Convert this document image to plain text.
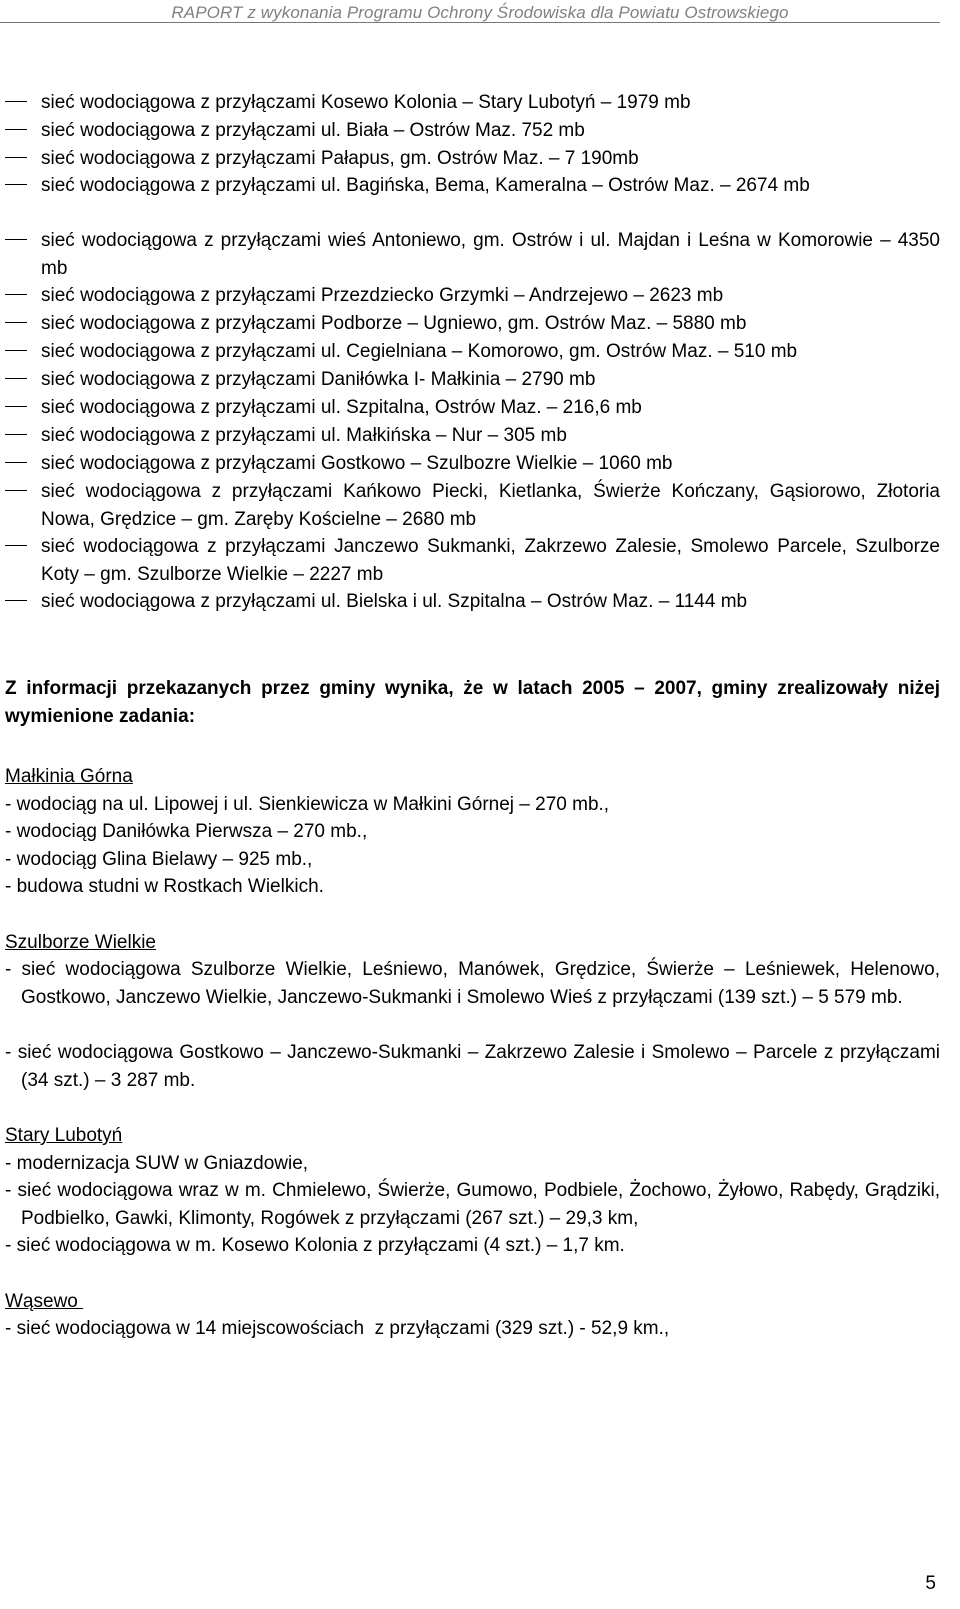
RAPORT z wykonania Programu Ochrony Środowiska dla Powiatu Ostrowskiego
sieć wodociągowa z przyłączami Kosewo Kolonia – Stary Lubotyń – 1979 mb
sieć wodociągowa z przyłączami ul. Biała – Ostrów Maz. 752 mb
sieć wodociągowa z przyłączami Pałapus, gm. Ostrów Maz. – 7 190mb
sieć wodociągowa z przyłączami ul. Bagińska, Bema, Kameralna – Ostrów Maz. – 2674 mb
sieć wodociągowa z przyłączami wieś Antoniewo, gm. Ostrów i ul. Majdan i Leśna w Komorowie – 4350 mb
sieć wodociągowa z przyłączami Przezdziecko Grzymki – Andrzejewo – 2623 mb
sieć wodociągowa z przyłączami Podborze – Ugniewo, gm. Ostrów Maz. – 5880 mb
sieć wodociągowa z przyłączami ul. Cegielniana – Komorowo, gm. Ostrów Maz. – 510 mb
sieć wodociągowa z przyłączami Daniłówka I- Małkinia – 2790 mb
sieć wodociągowa z przyłączami ul. Szpitalna, Ostrów Maz. – 216,6 mb
sieć wodociągowa z przyłączami ul. Małkińska – Nur – 305 mb
sieć wodociągowa z przyłączami Gostkowo – Szulbozre Wielkie – 1060 mb
sieć wodociągowa z przyłączami Kańkowo Piecki, Kietlanka, Świerże Kończany, Gąsiorowo, Złotoria Nowa, Grędzice – gm. Zaręby Kościelne – 2680 mb
sieć wodociągowa z przyłączami Janczewo Sukmanki, Zakrzewo Zalesie, Smolewo Parcele, Szulborze Koty – gm. Szulborze Wielkie – 2227 mb
sieć wodociągowa z przyłączami ul. Bielska i ul. Szpitalna – Ostrów Maz. – 1144 mb
Z informacji przekazanych przez gminy wynika, że w latach 2005 – 2007, gminy zrealizowały niżej wymienione zadania:
Małkinia Górna
- wodociąg na ul. Lipowej i ul. Sienkiewicza w Małkini Górnej – 270 mb.,
- wodociąg Daniłówka Pierwsza – 270 mb.,
- wodociąg Glina Bielawy – 925 mb.,
- budowa studni w Rostkach Wielkich.
Szulborze Wielkie
- sieć wodociągowa Szulborze Wielkie, Leśniewo, Manówek, Grędzice, Świerże – Leśniewek, Helenowo, Gostkowo, Janczewo Wielkie, Janczewo-Sukmanki i Smolewo Wieś z przyłączami (139 szt.) – 5 579 mb.
- sieć wodociągowa Gostkowo – Janczewo-Sukmanki – Zakrzewo Zalesie i Smolewo – Parcele z przyłączami (34 szt.) – 3 287 mb.
Stary Lubotyń
- modernizacja SUW w Gniazdowie,
- sieć wodociągowa wraz w m. Chmielewo, Świerże, Gumowo, Podbiele, Żochowo, Żyłowo, Rabędy, Grądziki, Podbielko, Gawki, Klimonty, Rogówek z przyłączami (267 szt.) – 29,3 km,
- sieć wodociągowa w m. Kosewo Kolonia z przyłączami (4 szt.) – 1,7 km.
Wąsewo
- sieć wodociągowa w 14 miejscowościach  z przyłączami (329 szt.) - 52,9 km.,
5
